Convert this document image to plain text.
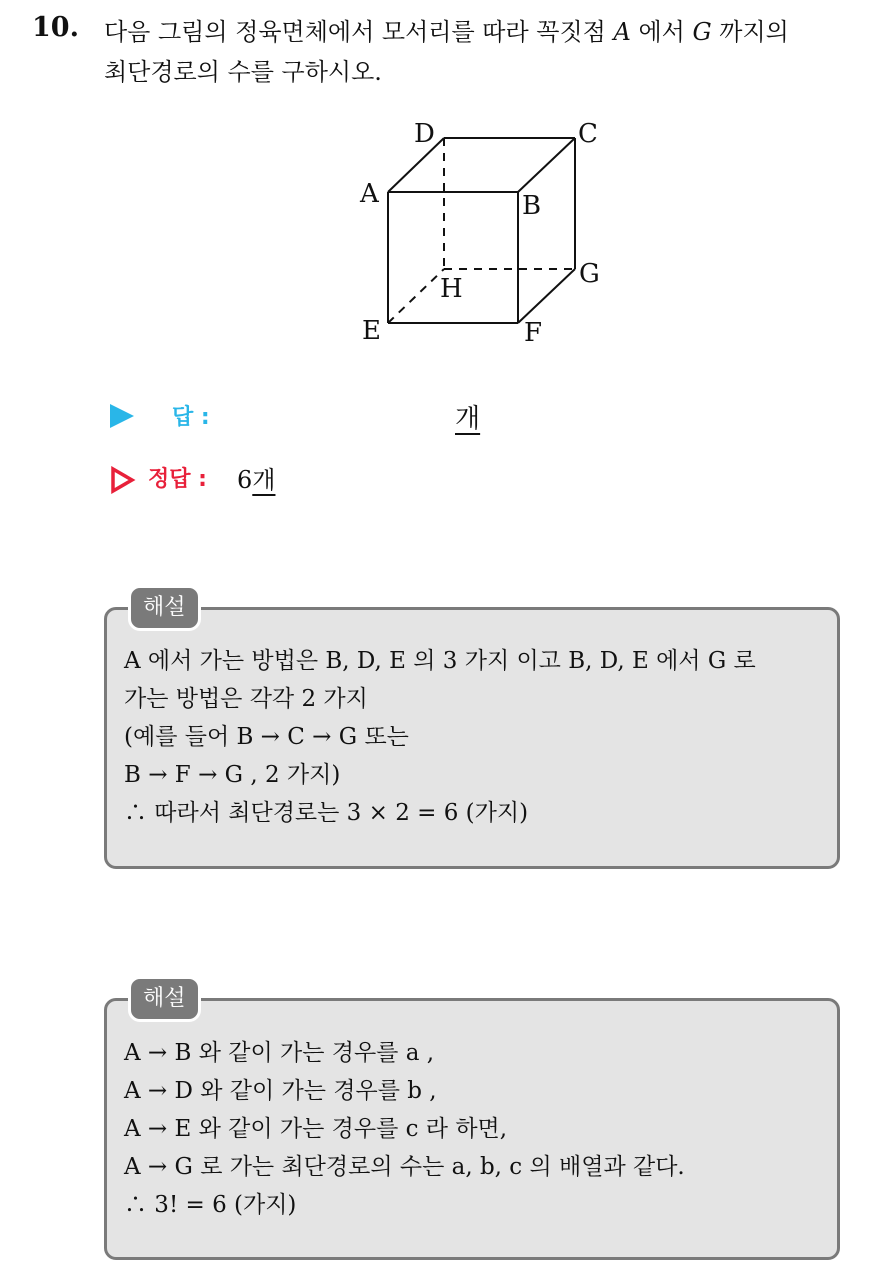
10. 다음 그림의 정육면체에서 모서리를 따라 꼭짓점 A 에서 G 까지의
최단경로의 수를 구하시오.
D	C
A	B
G
H
E	F
답 :	개
정답 : 6개
해설
A 에서 가는 방법은 B, D, E 의 3 가지 이고 B, D, E 에서 G 로
가는 방법은 각각 2 가지
(예를 들어 B → C → G 또는
B → F → G , 2 가지)
∴ 따라서 최단경로는 3 × 2 = 6 (가지)
해설
A → B 와 같이 가는 경우를 a ,
A → D 와 같이 가는 경우를 b ,
A → E 와 같이 가는 경우를 c 라 하면,
A → G 로 가는 최단경로의 수는 a, b, c 의 배열과 같다.
∴ 3! = 6 (가지)
